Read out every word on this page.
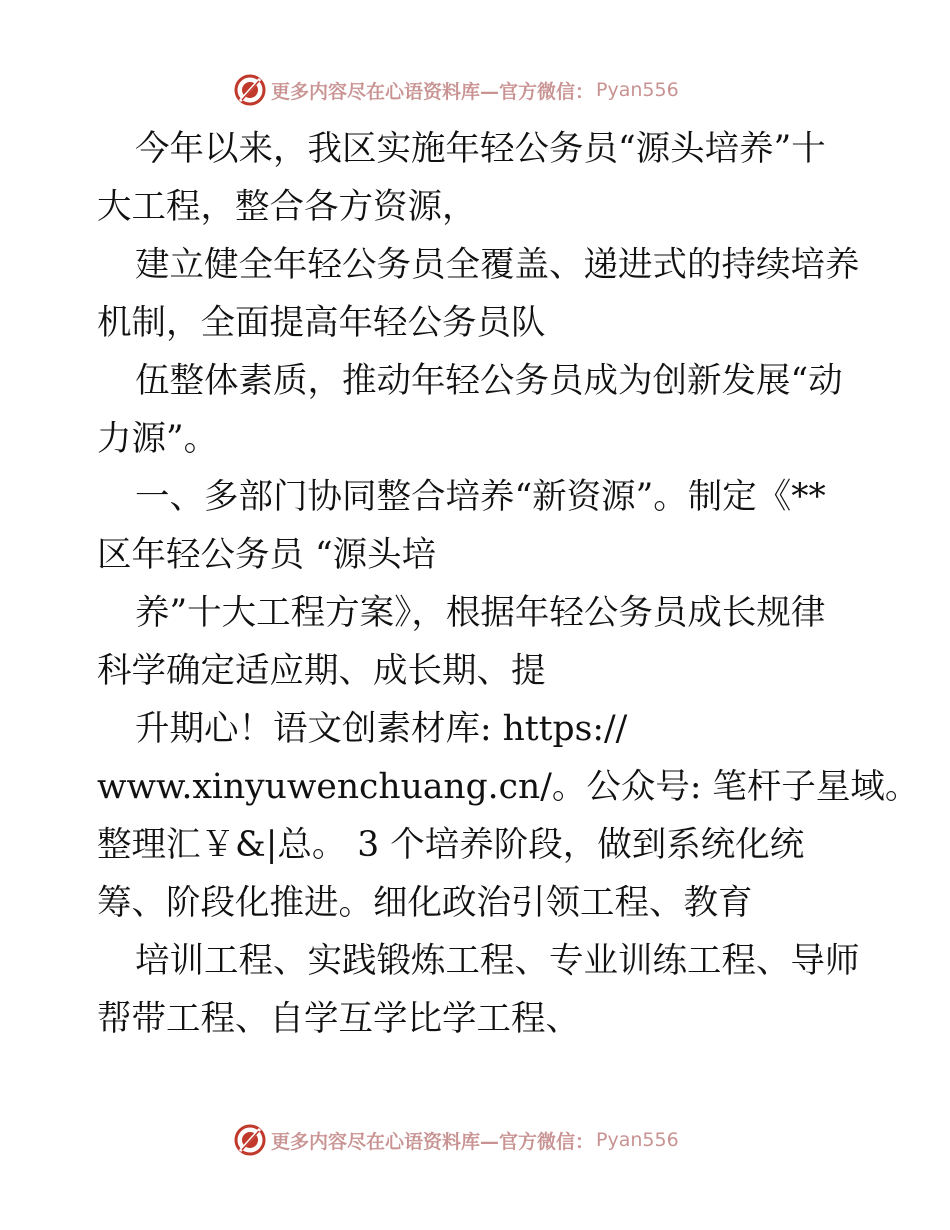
更多内容尽在心语资料库—官方微信： Pyan556
今年以来，我区实施年轻公务员“源头培养”十
大工程，整合各方资源，
建立健全年轻公务员全覆盖、递进式的持续培养
机制，全面提高年轻公务员队
伍整体素质，推动年轻公务员成为创新发展“动
力源”。
一、多部门协同整合培养“新资源”。制定《**
区年轻公务员 “源头培
养”十大工程方案》，根据年轻公务员成长规律
科学确定适应期、成长期、提
升期心！语文创素材库: https://
www.xinyuwenchuang.cn/。公众号: 笔杆子星域。
整理汇￥&|总。 3 个培养阶段，做到系统化统
筹、阶段化推进。细化政治引领工程、教育
培训工程、实践锻炼工程、专业训练工程、导师
帮带工程、自学互学比学工程、
更多内容尽在心语资料库—官方微信： Pyan556
